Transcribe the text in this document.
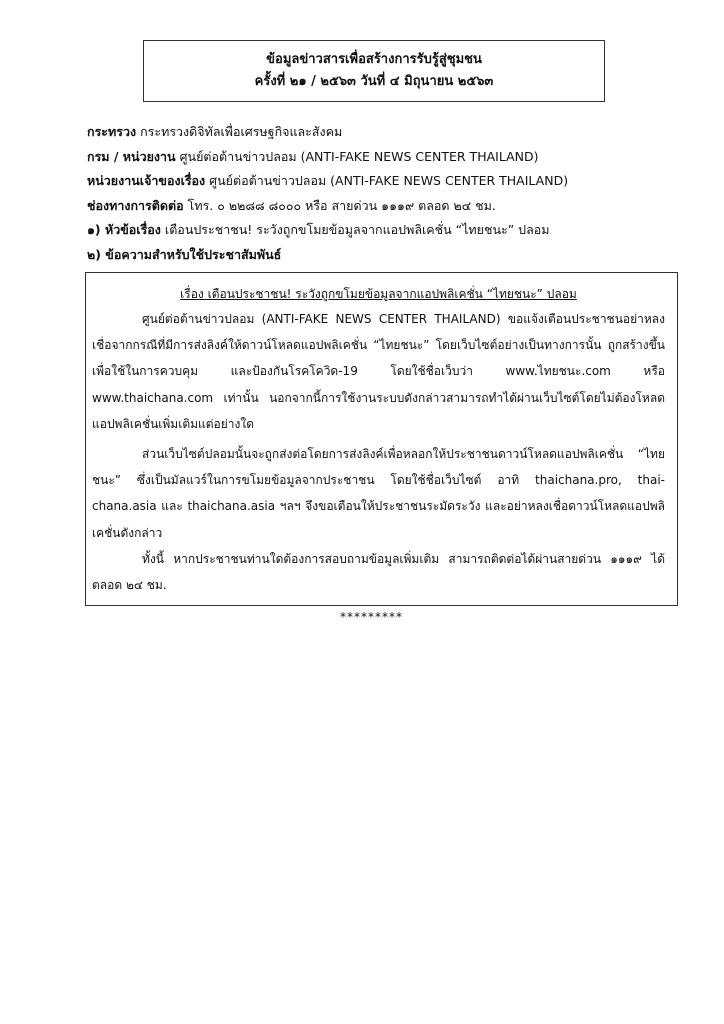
ข้อมูลข่าวสารเพื่อสร้างการรับรู้สู่ชุมชน
ครั้งที่ ๒๑ / ๒๕๖๓ วันที่ ๔ มิถุนายน ๒๕๖๓
กระทรวง กระทรวงดิจิทัลเพื่อเศรษฐกิจและสังคม
กรม / หน่วยงาน ศูนย์ต่อต้านข่าวปลอม (ANTI-FAKE NEWS CENTER THAILAND)
หน่วยงานเจ้าของเรื่อง ศูนย์ต่อต้านข่าวปลอม (ANTI-FAKE NEWS CENTER THAILAND)
ช่องทางการติดต่อ โทร. ๐ ๒๒๘๘ ๘๐๐๐ หรือ สายด่วน ๑๑๑๙ ตลอด ๒๔ ชม.
๑) หัวข้อเรื่อง เตือนประชาชน! ระวังถูกขโมยข้อมูลจากแอปพลิเคชั่น “ไทยชนะ” ปลอม
๒) ข้อความสำหรับใช้ประชาสัมพันธ์
เรื่อง เตือนประชาชน! ระวังถูกขโมยข้อมูลจากแอปพลิเคชั่น “ไทยชนะ” ปลอม
ศูนย์ต่อต้านข่าวปลอม (ANTI-FAKE NEWS CENTER THAILAND) ขอแจ้งเตือนประชาชนอย่าหลงเชื่อจากกรณีที่มีการส่งลิงค์ให้ดาวน์โหลดแอปพลิเคชั่น “ไทยชนะ” โดยเว็บไซต์อย่างเป็นทางการนั้น ถูกสร้างขึ้นเพื่อใช้ในการควบคุม และป้องกันโรคโควิด-19 โดยใช้ชื่อเว็บว่า www.ไทยชนะ.com หรือ www.thaichana.com เท่านั้น นอกจากนี้การใช้งานระบบดังกล่าวสามารถทำได้ผ่านเว็บไซต์โดยไม่ต้องโหลดแอปพลิเคชั่นเพิ่มเติมแต่อย่างใด
ส่วนเว็บไซต์ปลอมนั้นจะถูกส่งต่อโดยการส่งลิงค์เพื่อหลอกให้ประชาชนดาวน์โหลดแอปพลิเคชั่น “ไทยชนะ” ซึ่งเป็นมัลแวร์ในการขโมยข้อมูลจากประชาชน โดยใช้ชื่อเว็บไซต์ อาทิ thaichana.pro, thai-chana.asia และ thaichana.asia ฯลฯ จึงขอเตือนให้ประชาชนระมัดระวัง และอย่าหลงเชื่อดาวน์โหลดแอปพลิเคชั่นดังกล่าว
ทั้งนี้ หากประชาชนท่านใดต้องการสอบถามข้อมูลเพิ่มเติม สามารถติดต่อได้ผ่านสายด่วน ๑๑๑๙ ได้ตลอด ๒๔ ชม.
*********
